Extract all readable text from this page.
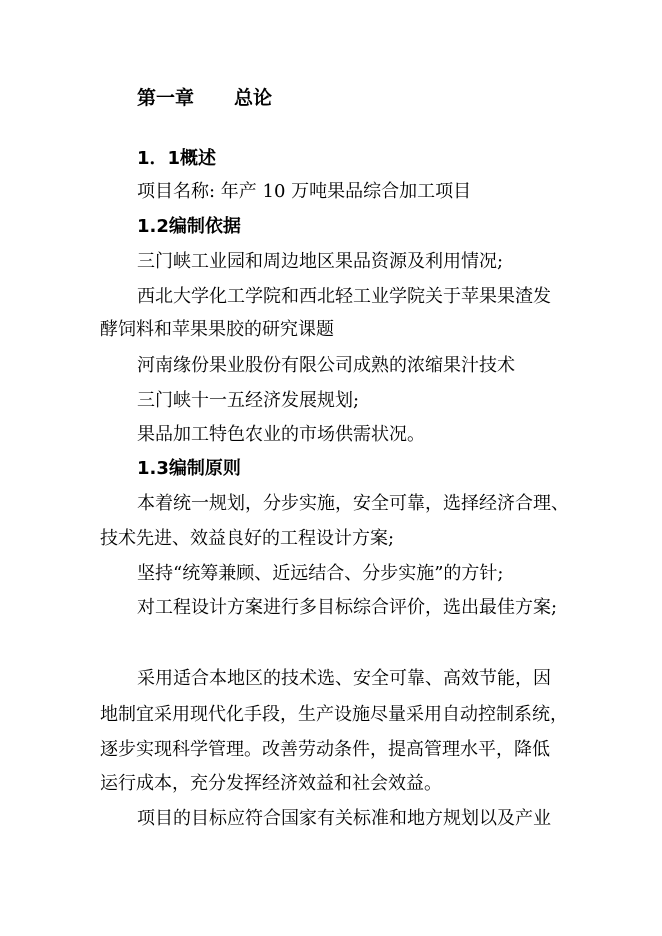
第一章 总论
1．1概述
项目名称: 年产 10 万吨果品综合加工项目
1.2编制依据
三门峡工业园和周边地区果品资源及利用情况;
西北大学化工学院和西北轻工业学院关于苹果果渣发
酵饲料和苹果果胶的研究课题
河南缘份果业股份有限公司成熟的浓缩果汁技术
三门峡十一五经济发展规划;
果品加工特色农业的市场供需状况。
1.3编制原则
本着统一规划，分步实施，安全可靠，选择经济合理、
技术先进、效益良好的工程设计方案;
坚持“统筹兼顾、近远结合、分步实施”的方针;
对工程设计方案进行多目标综合评价，选出最佳方案;
采用适合本地区的技术选、安全可靠、高效节能，因
地制宜采用现代化手段，生产设施尽量采用自动控制系统，
逐步实现科学管理。改善劳动条件，提高管理水平，降低
运行成本，充分发挥经济效益和社会效益。
项目的目标应符合国家有关标准和地方规划以及产业
